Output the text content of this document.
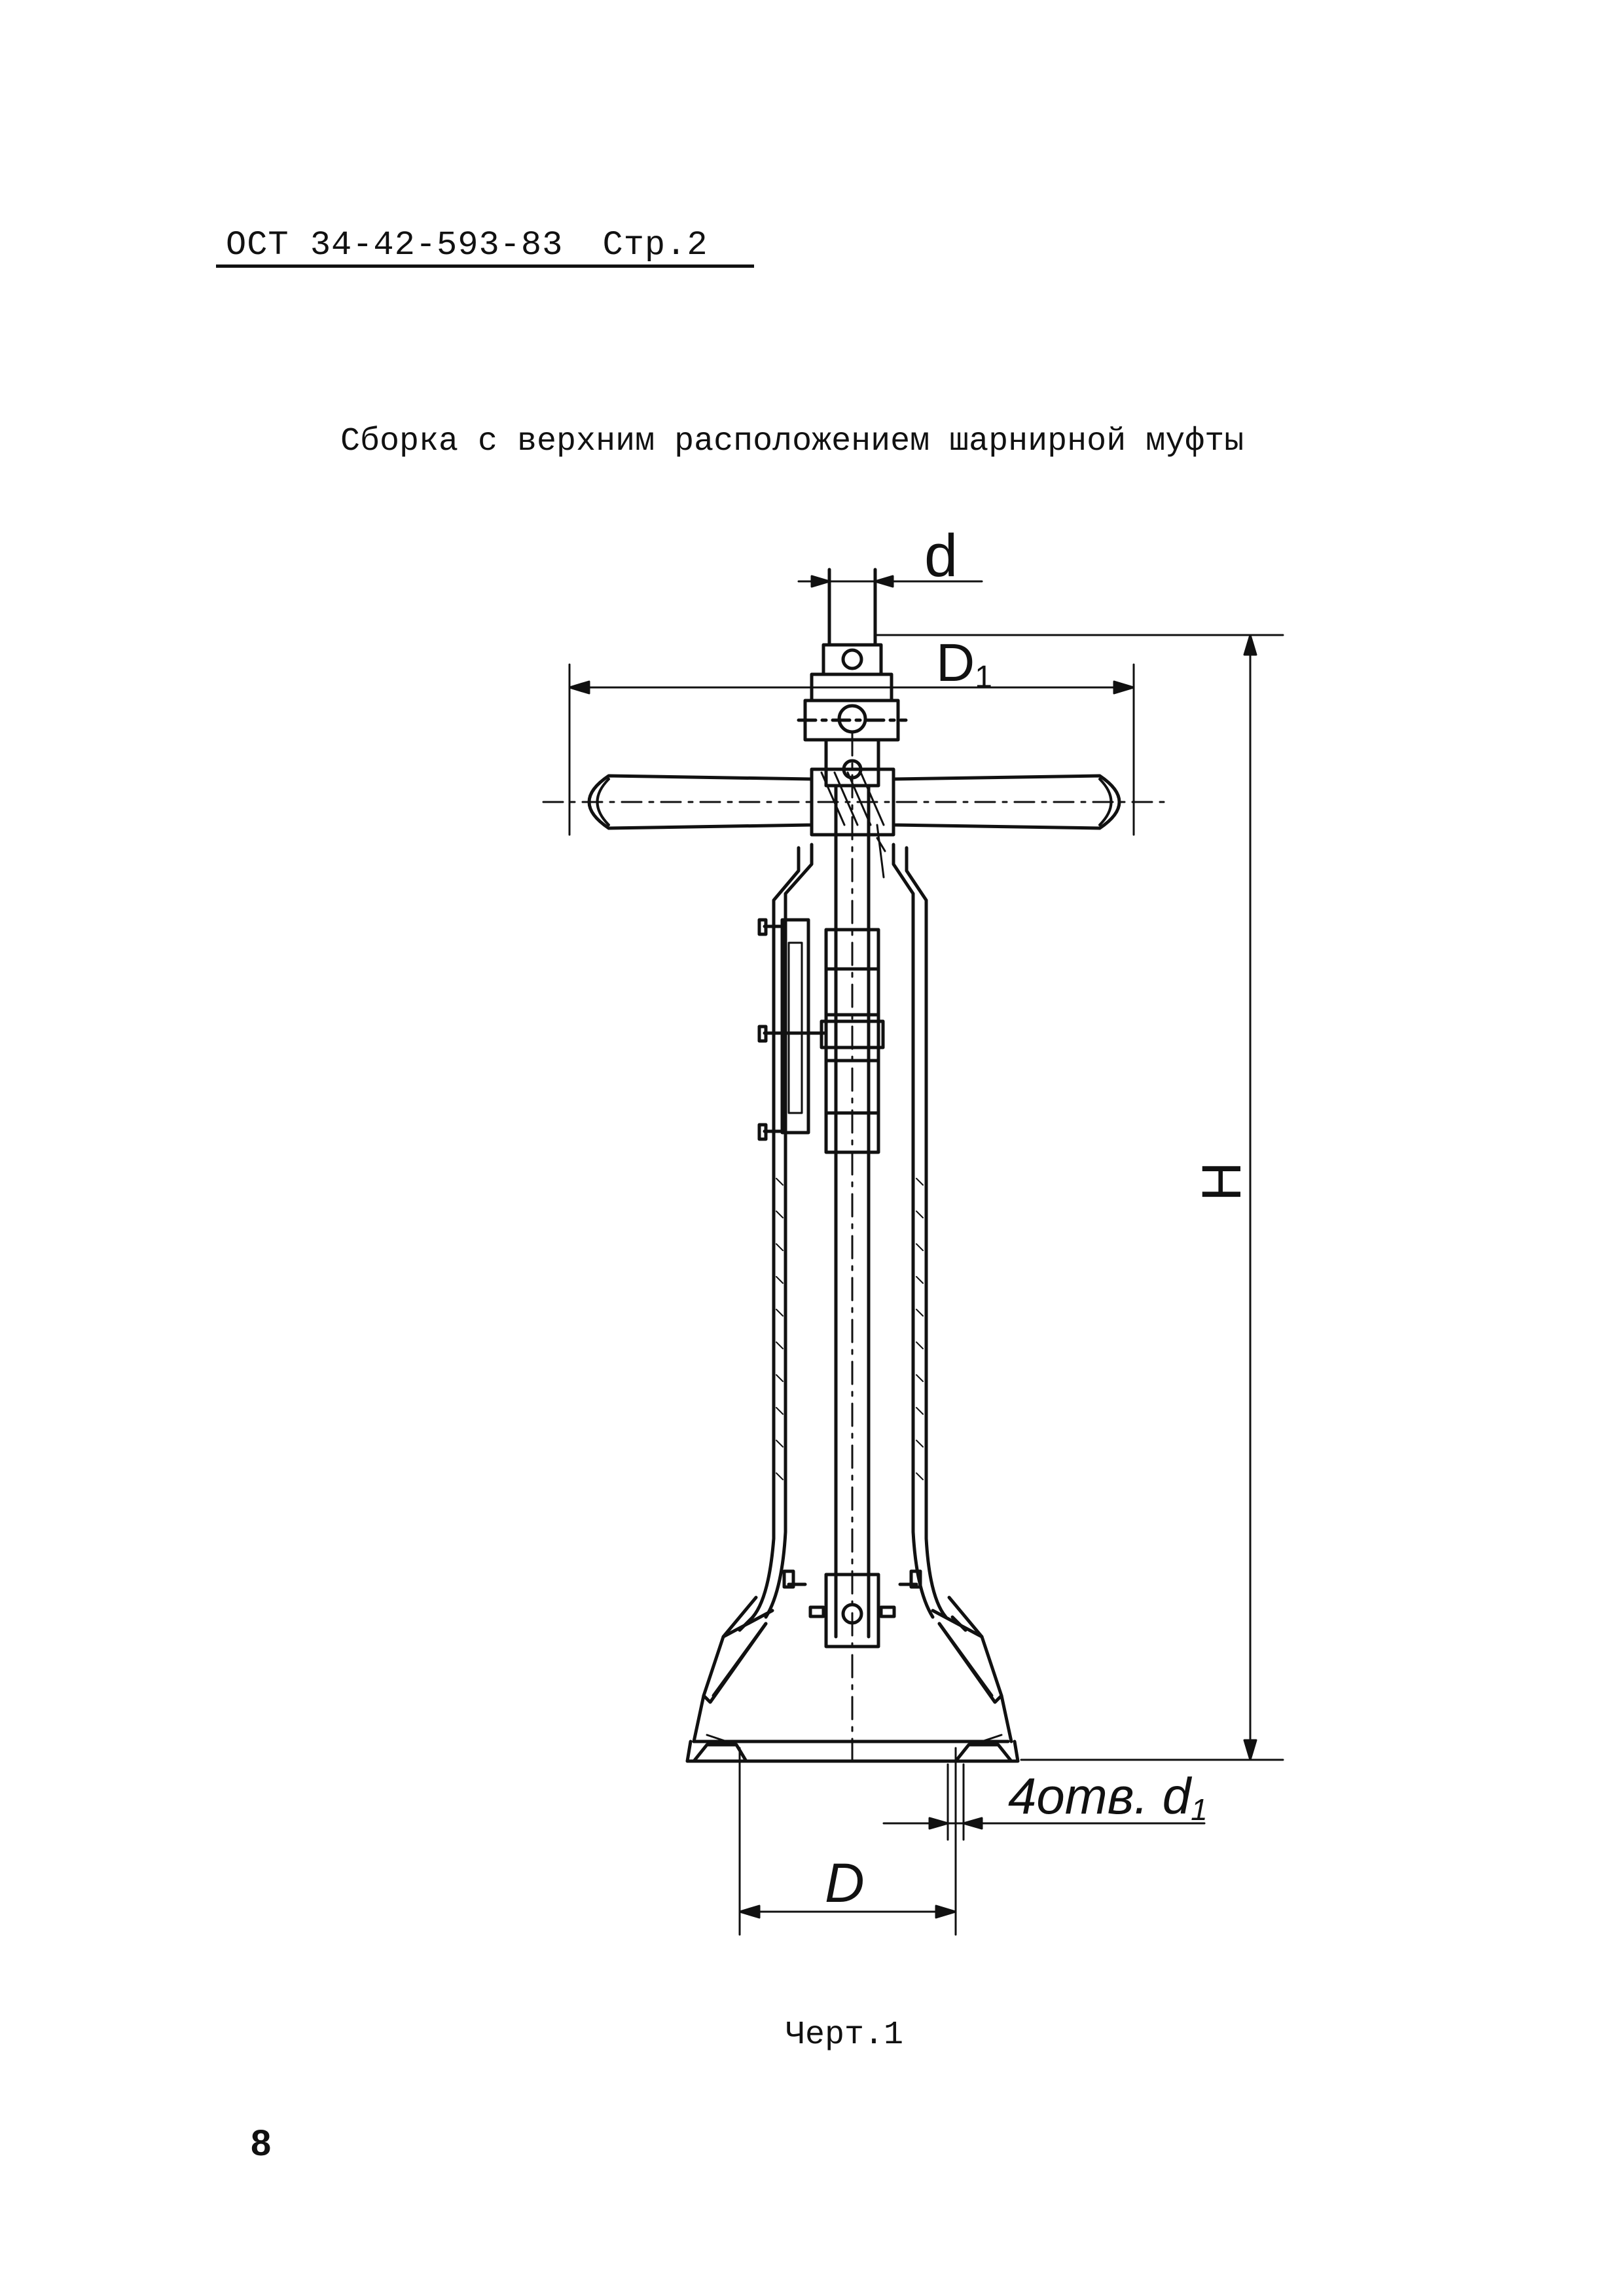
ОСТ 34-42-593-83 Стр.2
Сборка с верхним расположением шарнирной муфты
d
D1
H
4отв. d1
D
Черт.1
8
